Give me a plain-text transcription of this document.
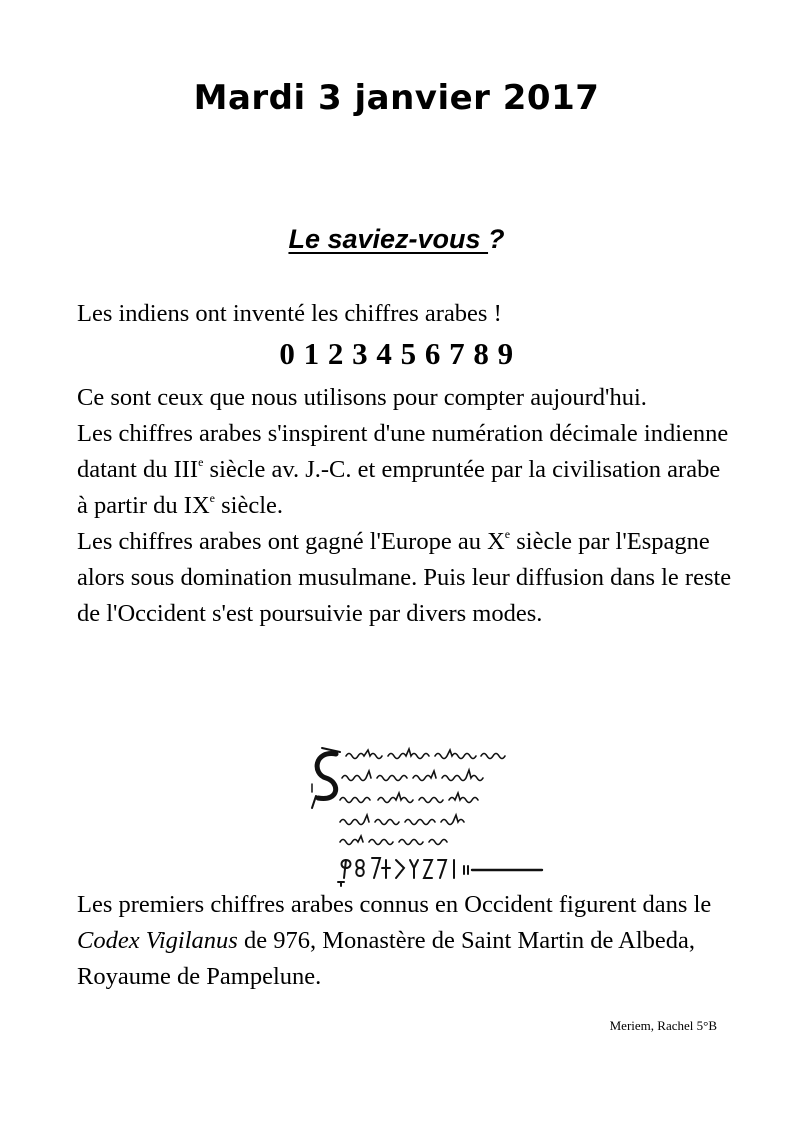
Mardi 3 janvier 2017
Le saviez-vous ?
Les indiens ont inventé les chiffres arabes !
0 1 2 3 4 5 6 7 8 9
Ce sont ceux que nous utilisons pour compter aujourd'hui.
Les chiffres arabes s'inspirent d'une numération décimale indienne datant du IIIe siècle av. J.-C. et empruntée par la civilisation arabe à partir du IXe siècle.
Les chiffres arabes ont gagné l'Europe au Xe siècle par l'Espagne alors sous domination musulmane. Puis leur diffusion dans le reste de l'Occident s'est poursuivie par divers modes.
Les premiers chiffres arabes connus en Occident figurent dans le Codex Vigilanus de 976, Monastère de Saint Martin de Albeda, Royaume de Pampelune.
Meriem, Rachel 5°B
